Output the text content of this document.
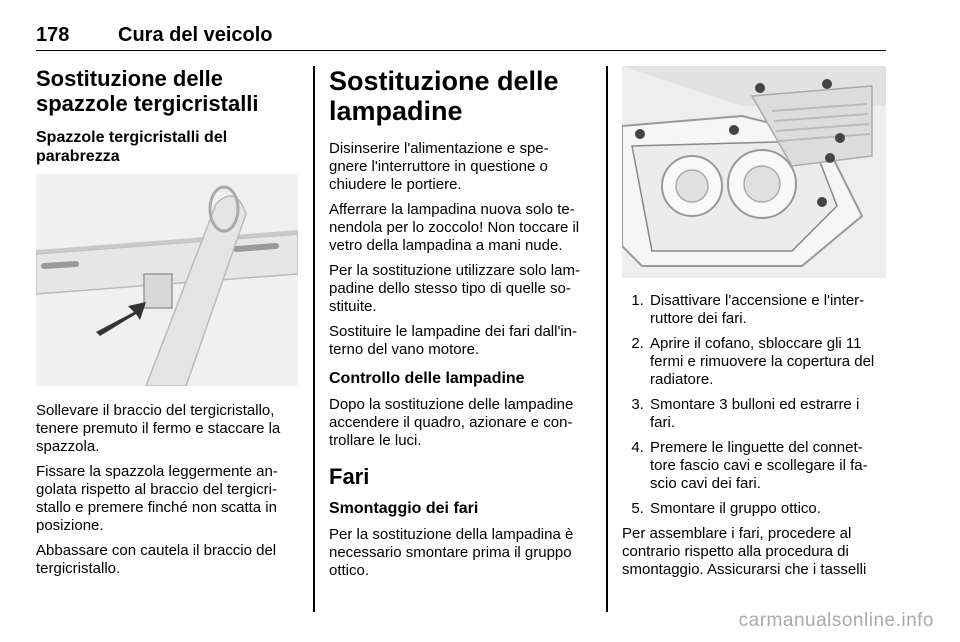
178 Cura del veicolo
Sostituzione delle spazzole tergicristalli
Spazzole tergicristalli del parabrezza

Sollevare il braccio del tergicristallo, tenere premuto il fermo e staccare la spazzola.

Fissare la spazzola leggermente an- golata rispetto al braccio del tergicri- stallo e premere finché non scatta in posizione.

Abbassare con cautela il braccio del tergicristallo.

Sostituzione delle lampadine

Disinserire l'alimentazione e spe- gnere l'interruttore in questione o chiudere le portiere.

Afferrare la lampadina nuova solo te- nendola per lo zoccolo! Non toccare il vetro della lampadina a mani nude.

Per la sostituzione utilizzare solo lam- padine dello stesso tipo di quelle so- stituite.

Sostituire le lampadine dei fari dall'in- terno del vano motore.

Controllo delle lampadine

Dopo la sostituzione delle lampadine accendere il quadro, azionare e con- trollare le luci.

Fari
Smontaggio dei fari

Per la sostituzione della lampadina è necessario smontare prima il gruppo ottico.

1. Disattivare l'accensione e l'inter- ruttore dei fari.
2. Aprire il cofano, sbloccare gli 11 fermi e rimuovere la copertura del radiatore.
3. Smontare 3 bulloni ed estrarre i fari.
4. Premere le linguette del connet- tore fascio cavi e scollegare il fa- scio cavi dei fari.
5. Smontare il gruppo ottico.

Per assemblare i fari, procedere al contrario rispetto alla procedura di smontaggio. Assicurarsi che i tasselli

carmanualsonline.info
